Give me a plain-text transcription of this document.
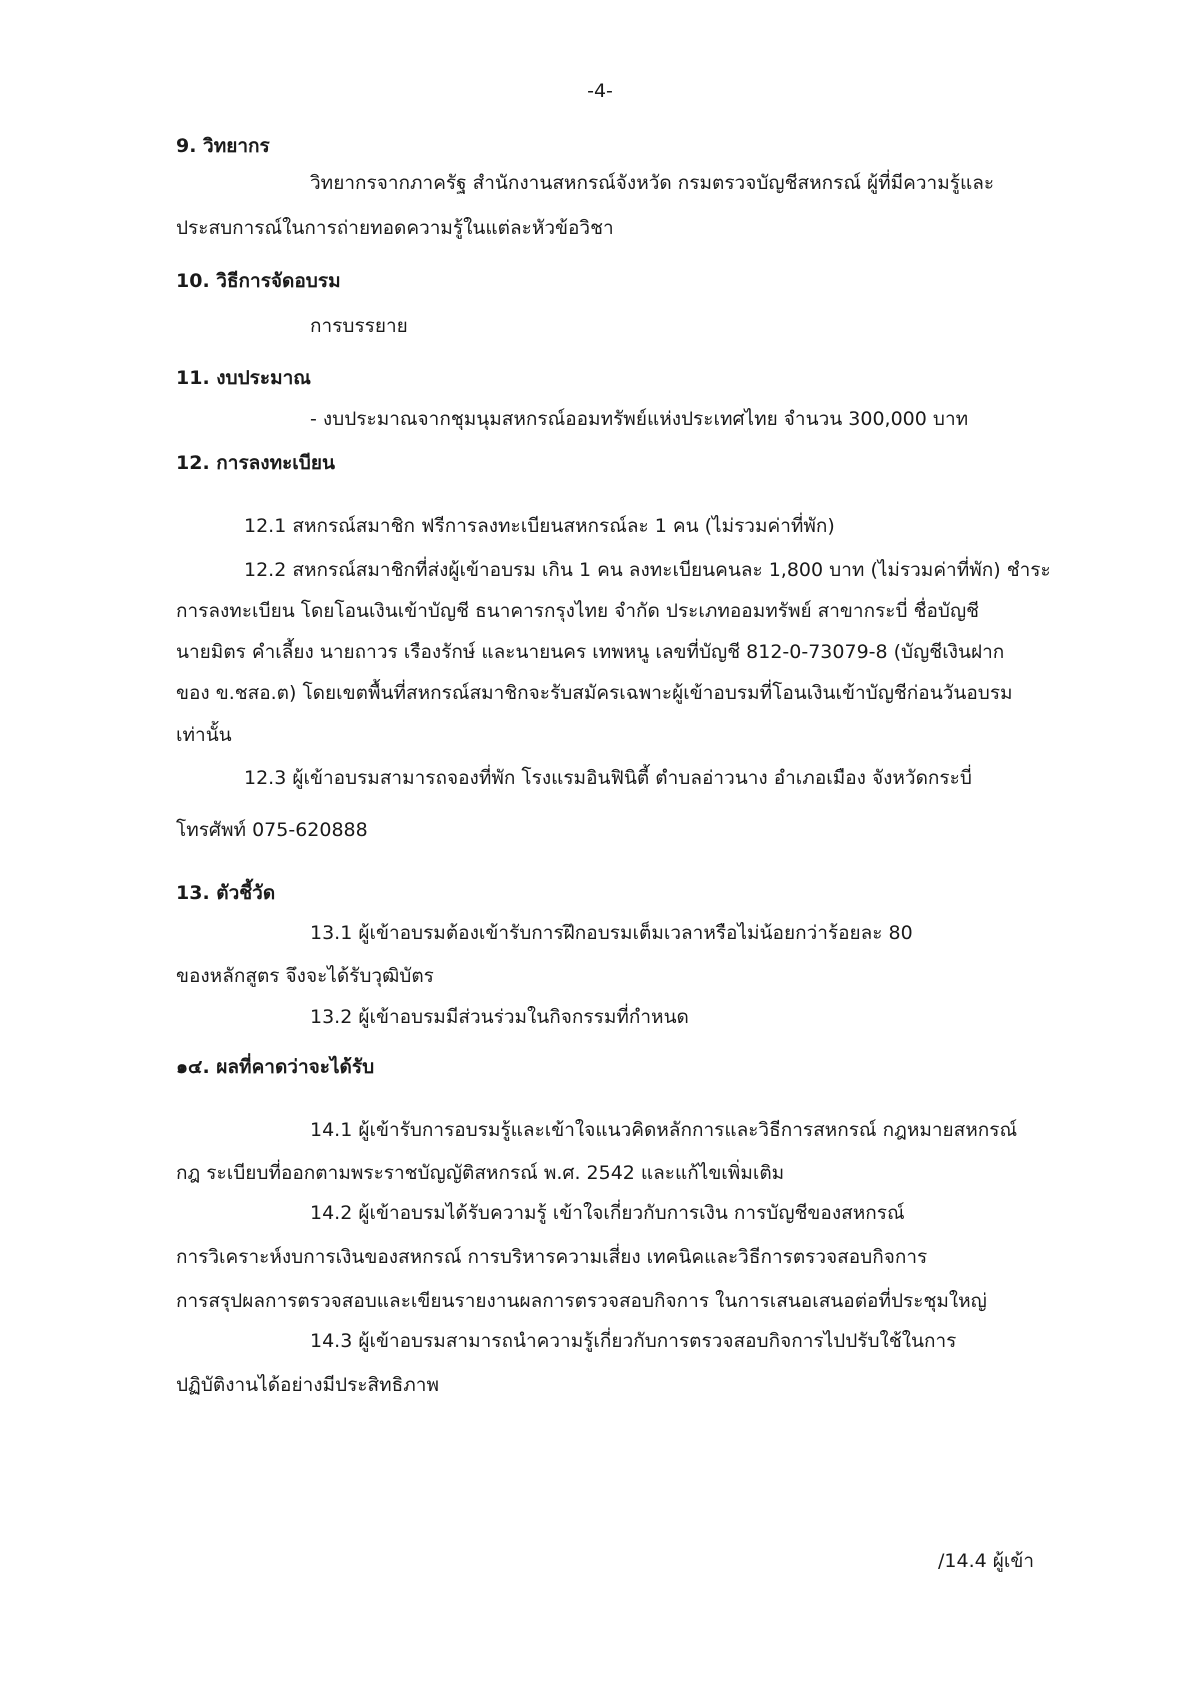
-4-
9. วิทยากร
วิทยากรจากภาครัฐ สำนักงานสหกรณ์จังหวัด กรมตรวจบัญชีสหกรณ์ ผู้ที่มีความรู้และ
ประสบการณ์ในการถ่ายทอดความรู้ในแต่ละหัวข้อวิชา
10. วิธีการจัดอบรม
การบรรยาย
11. งบประมาณ
- งบประมาณจากชุมนุมสหกรณ์ออมทรัพย์แห่งประเทศไทย จำนวน 300,000 บาท
12. การลงทะเบียน
12.1 สหกรณ์สมาชิก ฟรีการลงทะเบียนสหกรณ์ละ 1 คน (ไม่รวมค่าที่พัก)
12.2 สหกรณ์สมาชิกที่ส่งผู้เข้าอบรม เกิน 1 คน ลงทะเบียนคนละ 1,800 บาท (ไม่รวมค่าที่พัก) ชำระ
การลงทะเบียน โดยโอนเงินเข้าบัญชี ธนาคารกรุงไทย จำกัด ประเภทออมทรัพย์ สาขากระบี่ ชื่อบัญชี
นายมิตร คำเลี้ยง นายถาวร เรืองรักษ์ และนายนคร เทพหนู เลขที่บัญชี 812-0-73079-8 (บัญชีเงินฝาก
ของ ข.ชสอ.ต) โดยเขตพื้นที่สหกรณ์สมาชิกจะรับสมัครเฉพาะผู้เข้าอบรมที่โอนเงินเข้าบัญชีก่อนวันอบรม
เท่านั้น
12.3 ผู้เข้าอบรมสามารถจองที่พัก โรงแรมอินฟินิตี้ ตำบลอ่าวนาง อำเภอเมือง จังหวัดกระบี่
โทรศัพท์ 075-620888
13. ตัวชี้วัด
13.1 ผู้เข้าอบรมต้องเข้ารับการฝึกอบรมเต็มเวลาหรือไม่น้อยกว่าร้อยละ 80
ของหลักสูตร จึงจะได้รับวุฒิบัตร
13.2 ผู้เข้าอบรมมีส่วนร่วมในกิจกรรมที่กำหนด
๑๔. ผลที่คาดว่าจะได้รับ
14.1 ผู้เข้ารับการอบรมรู้และเข้าใจแนวคิดหลักการและวิธีการสหกรณ์ กฎหมายสหกรณ์
กฎ ระเบียบที่ออกตามพระราชบัญญัติสหกรณ์ พ.ศ. 2542 และแก้ไขเพิ่มเติม
14.2 ผู้เข้าอบรมได้รับความรู้ เข้าใจเกี่ยวกับการเงิน การบัญชีของสหกรณ์
การวิเคราะห์งบการเงินของสหกรณ์ การบริหารความเสี่ยง เทคนิคและวิธีการตรวจสอบกิจการ
การสรุปผลการตรวจสอบและเขียนรายงานผลการตรวจสอบกิจการ ในการเสนอเสนอต่อที่ประชุมใหญ่
14.3 ผู้เข้าอบรมสามารถนำความรู้เกี่ยวกับการตรวจสอบกิจการไปปรับใช้ในการ
ปฏิบัติงานได้อย่างมีประสิทธิภาพ
/14.4 ผู้เข้า
